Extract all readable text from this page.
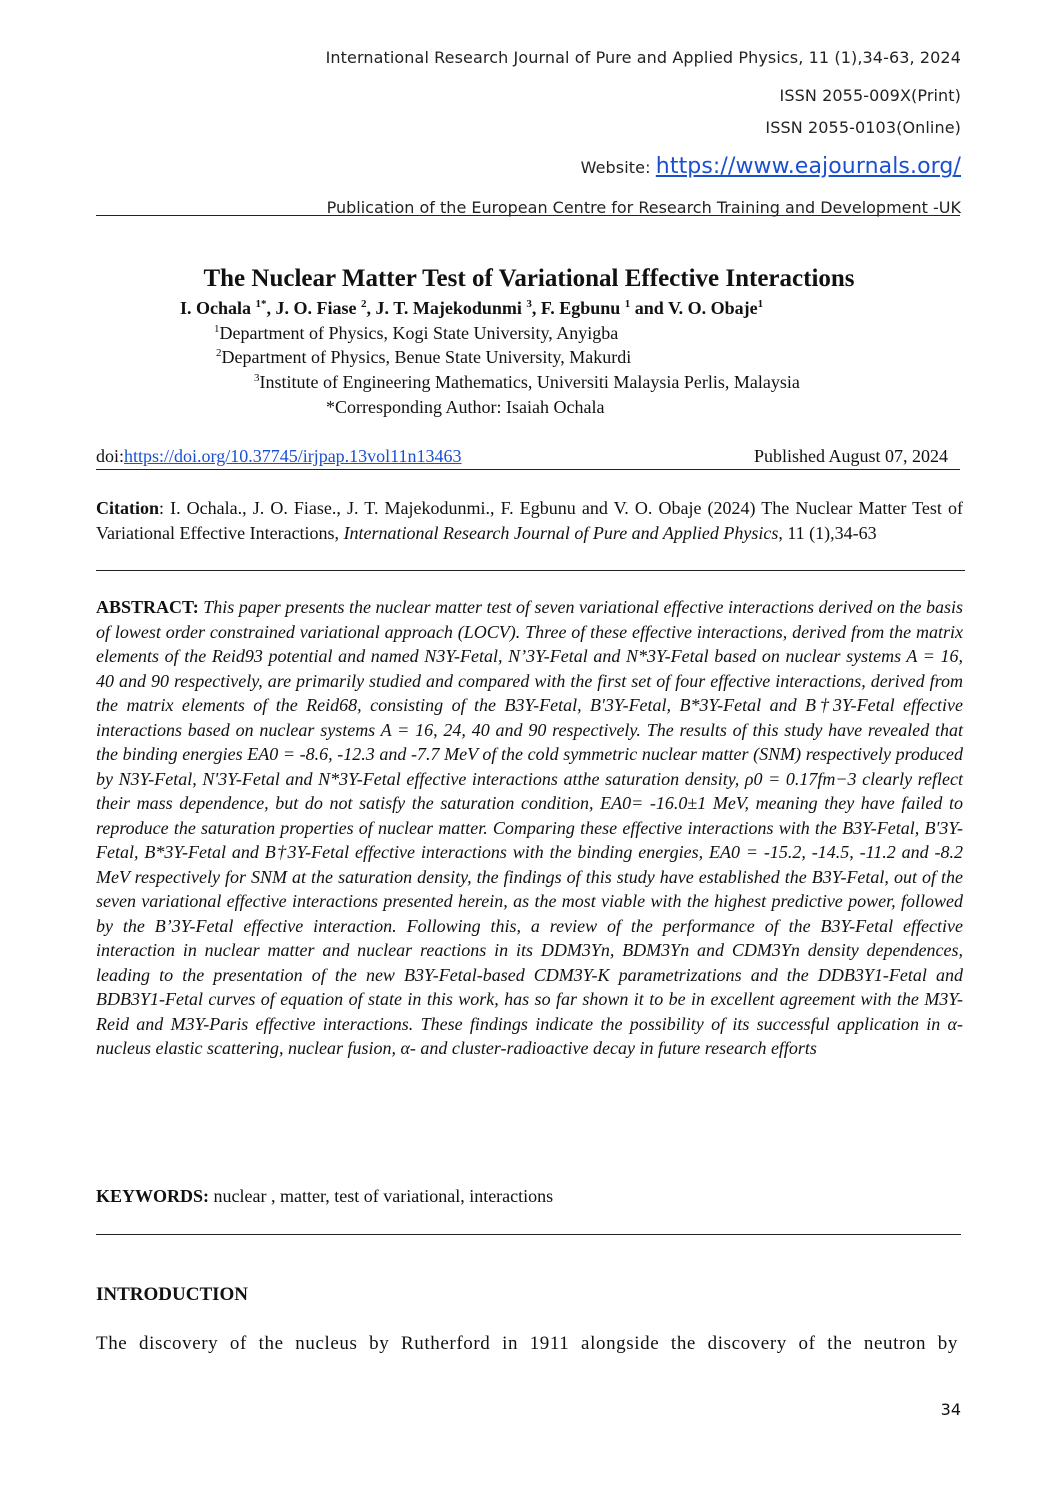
International Research Journal of Pure and Applied Physics, 11 (1),34-63, 2024
ISSN 2055-009X(Print)
ISSN 2055-0103(Online)
Website: https://www.eajournals.org/
Publication of the European Centre for Research Training and Development -UK
The Nuclear Matter Test of Variational Effective Interactions
I. Ochala $^{1*}$, J. O. Fiase $^2$, J. T. Majekodunmi $^3$, F. Egbunu $^1$ and V. O. Obaje$^1$
$^1$Department of Physics, Kogi State University, Anyigba
$^2$Department of Physics, Benue State University, Makurdi
$^3$Institute of Engineering Mathematics, Universiti Malaysia Perlis, Malaysia
*Corresponding Author: Isaiah Ochala
doi:https://doi.org/10.37745/irjpap.13vol11n13463	Published August 07, 2024
Citation: I. Ochala., J. O. Fiase., J. T. Majekodunmi., F. Egbunu and V. O. Obaje (2024) The Nuclear Matter Test of Variational Effective Interactions, International Research Journal of Pure and Applied Physics, 11 (1),34-63
ABSTRACT: This paper presents the nuclear matter test of seven variational effective interactions derived on the basis of lowest order constrained variational approach (LOCV). Three of these effective interactions, derived from the matrix elements of the Reid93 potential and named N3Y-Fetal, N’3Y-Fetal and N*3Y-Fetal based on nuclear systems A = 16, 40 and 90 respectively, are primarily studied and compared with the first set of four effective interactions, derived from the matrix elements of the Reid68, consisting of the B3Y-Fetal, B'3Y-Fetal, B*3Y-Fetal and B†3Y-Fetal effective interactions based on nuclear systems A = 16, 24, 40 and 90 respectively. The results of this study have revealed that the binding energies EA0 = -8.6, -12.3 and -7.7 MeV of the cold symmetric nuclear matter (SNM) respectively produced by N3Y-Fetal, N'3Y-Fetal and N*3Y-Fetal effective interactions atthe saturation density, ρ0 = 0.17fm−3 clearly reflect their mass dependence, but do not satisfy the saturation condition, EA0= -16.0±1 MeV, meaning they have failed to reproduce the saturation properties of nuclear matter. Comparing these effective interactions with the B3Y-Fetal, B'3Y-Fetal, B*3Y-Fetal and B†3Y-Fetal effective interactions with the binding energies, EA0 = -15.2, -14.5, -11.2 and -8.2 MeV respectively for SNM at the saturation density, the findings of this study have established the B3Y-Fetal, out of the seven variational effective interactions presented herein, as the most viable with the highest predictive power, followed by the B’3Y-Fetal effective interaction. Following this, a review of the performance of the B3Y-Fetal effective interaction in nuclear matter and nuclear reactions in its DDM3Yn, BDM3Yn and CDM3Yn density dependences, leading to the presentation of the new B3Y-Fetal-based CDM3Y-K parametrizations and the DDB3Y1-Fetal and BDB3Y1-Fetal curves of equation of state in this work, has so far shown it to be in excellent agreement with the M3Y-Reid and M3Y-Paris effective interactions. These findings indicate the possibility of its successful application in α-nucleus elastic scattering, nuclear fusion, α- and cluster-radioactive decay in future research efforts
KEYWORDS: nuclear , matter, test of variational, interactions
INTRODUCTION
The discovery of the nucleus by Rutherford in 1911 alongside the discovery of the neutron by
34
